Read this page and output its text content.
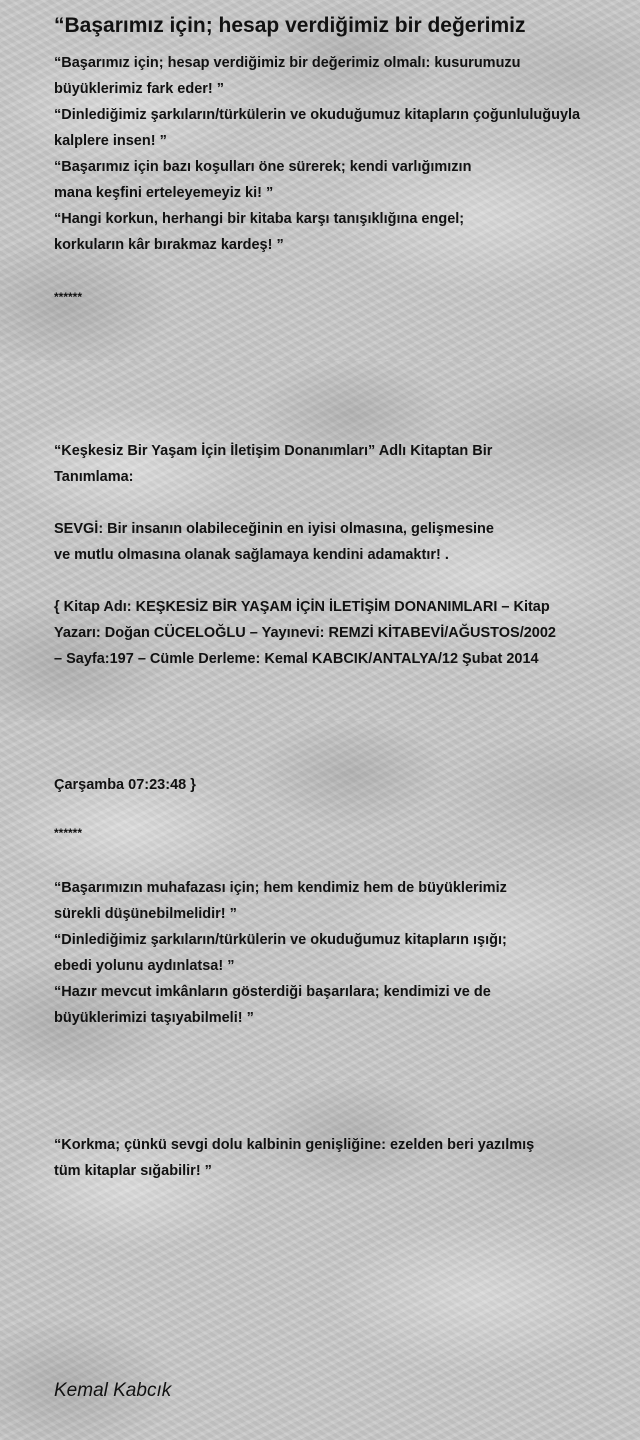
“Başarımız için; hesap verdiğimiz bir değerimiz
“Başarımız için; hesap verdiğimiz bir değerimiz olmalı: kusurumuzu
büyüklerimiz fark eder! ”
“Dinlediğimiz şarkıların/türkülerin ve okuduğumuz kitapların çoğunluluğuyla
kalplere insen! ”
“Başarımız için bazı koşulları öne sürerek; kendi varlığımızın
mana keşfini erteleyemeyiz ki! ”
“Hangi korkun, herhangi bir kitaba karşı tanışıklığına engel;
korkuların kâr bırakmaz kardeş! ”
******
“Keşkesiz Bir Yaşam İçin İletişim Donanımları” Adlı Kitaptan Bir
Tanımlama:
SEVGİ: Bir insanın olabileceğinin en iyisi olmasına, gelişmesine
ve mutlu olmasına olanak sağlamaya kendini adamaktır! .
{ Kitap Adı: KEŞKESİZ BİR YAŞAM İÇİN İLETİŞİM DONANIMLARI – Kitap
Yazarı: Doğan CÜCELOĞLU – Yayınevi: REMZİ KİTABEVİ/AĞUSTOS/2002
– Sayfa:197 – Cümle Derleme: Kemal KABCIK/ANTALYA/12 Şubat 2014
Çarşamba 07:23:48 }
******
“Başarımızın muhafazası için; hem kendimiz hem de büyüklerimiz
sürekli düşünebilmelidir! ”
“Dinlediğimiz şarkıların/türkülerin ve okuduğumuz kitapların ışığı;
ebedi yolunu aydınlatsa! ”
“Hazır mevcut imkânların gösterdiği başarılara; kendimizi ve de
büyüklerimizi taşıyabilmeli! ”
“Korkma; çünkü sevgi dolu kalbinin genişliğine: ezelden beri yazılmış
tüm kitaplar sığabilir! ”
Kemal Kabcık
